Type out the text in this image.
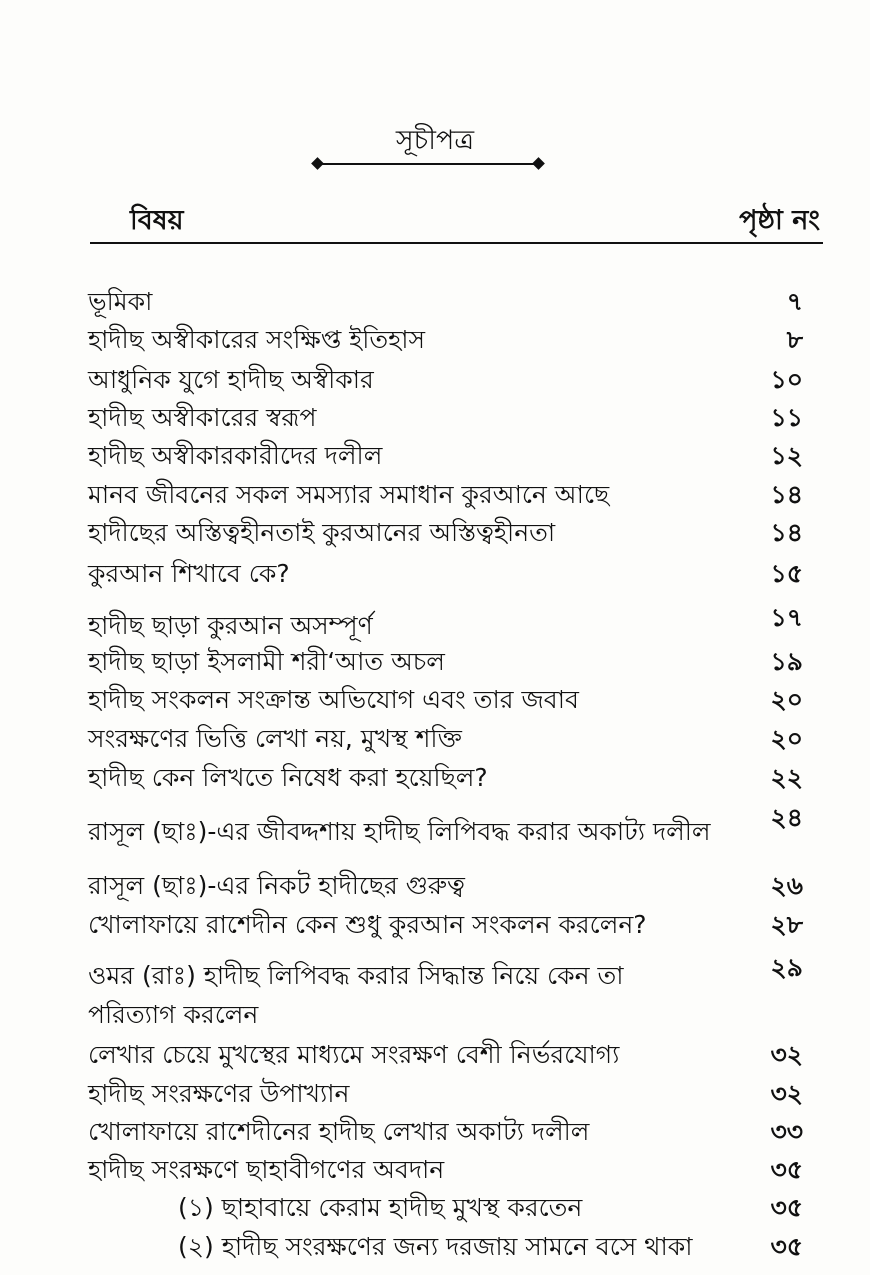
সূচীপত্র
বিষয়	পৃষ্ঠা নং
ভূমিকা	৭
হাদীছ অস্বীকারের সংক্ষিপ্ত ইতিহাস	৮
আধুনিক যুগে হাদীছ অস্বীকার	১০
হাদীছ অস্বীকারের স্বরূপ	১১
হাদীছ অস্বীকারকারীদের দলীল	১২
মানব জীবনের সকল সমস্যার সমাধান কুরআনে আছে	১৪
হাদীছের অস্তিত্বহীনতাই কুরআনের অস্তিত্বহীনতা	১৪
কুরআন শিখাবে কে?	১৫
হাদীছ ছাড়া কুরআন অসম্পূর্ণ	১৭
হাদীছ ছাড়া ইসলামী শরী‘আত অচল	১৯
হাদীছ সংকলন সংক্রান্ত অভিযোগ এবং তার জবাব	২০
সংরক্ষণের ভিত্তি লেখা নয়, মুখস্থ শক্তি	২০
হাদীছ কেন লিখতে নিষেধ করা হয়েছিল?	২২
রাসূল (ছাঃ)-এর জীবদ্দশায় হাদীছ লিপিবদ্ধ করার অকাট্য দলীল ২৪
রাসূল (ছাঃ)-এর নিকট হাদীছের গুরুত্ব	২৬
খোলাফায়ে রাশেদীন কেন শুধু কুরআন সংকলন করলেন?	২৮
ওমর (রাঃ) হাদীছ লিপিবদ্ধ করার সিদ্ধান্ত নিয়ে কেন তা	২৯
পরিত্যাগ করলেন
লেখার চেয়ে মুখস্থের মাধ্যমে সংরক্ষণ বেশী নির্ভরযোগ্য	৩২
হাদীছ সংরক্ষণের উপাখ্যান	৩২
খোলাফায়ে রাশেদীনের হাদীছ লেখার অকাট্য দলীল	৩৩
হাদীছ সংরক্ষণে ছাহাবীগণের অবদান	৩৫
(১) ছাহাবায়ে কেরাম হাদীছ মুখস্থ করতেন	৩৫
(২) হাদীছ সংরক্ষণের জন্য দরজায় সামনে বসে থাকা	৩৫
